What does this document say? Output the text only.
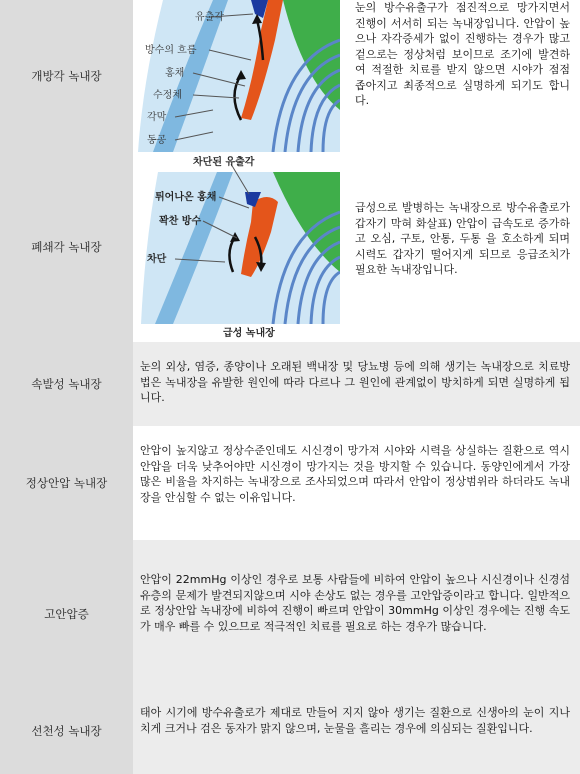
개방각 녹내장
유출각
방수의 흐름
홍채
수정체
각막
동공
눈의 방수유출구가 점진적으로 망가지면서 진행이 서서히 되는 녹내장입니다. 안압이 높으나 자각증세가 없이 진행하는 경우가 많고 겉으로는 정상처럼 보이므로 조기에 발견하여 적절한 치료를 받지 않으면 시야가 점점 좁아지고 최종적으로 실명하게 되기도 합니다.
폐쇄각 녹내장
차단된 유출각
튀어나온 홍채
꽉찬 방수
차단
급성 녹내장
급성으로 발병하는 녹내장으로 방수유출로가 갑자기 막혀 화살표) 안압이 급속도로 증가하고 오심, 구토, 안통, 두통 을 호소하게 되며 시력도 갑자기 떨어지게 되므로 응급조치가 필요한 녹내장입니다.
속발성 녹내장
눈의 외상, 염증, 종양이나 오래된 백내장 및 당뇨병 등에 의해 생기는 녹내장으로 치료방법은 녹내장을 유발한 원인에 따라 다르나 그 원인에 관계없이 방치하게 되면 실명하게 됩니다.
정상안압 녹내장
안압이 높지않고 정상수준인데도 시신경이 망가져 시야와 시력을 상실하는 질환으로 역시 안압을 더욱 낮추어야만 시신경이 망가지는 것을 방지할 수 있습니다. 동양인에게서 가장 많은 비율을 차지하는 녹내장으로 조사되었으며 따라서 안압이 정상범위라 하더라도 녹내장을 안심할 수 없는 이유입니다.
고안압증
안압이 22mmHg 이상인 경우로 보통 사람들에 비하여 안압이 높으나 시신경이나 신경섬유층의 문제가 발견되지않으며 시야 손상도 없는 경우를 고안압증이라고 합니다. 일반적으로 정상안압 녹내장에 비하여 진행이 빠르며 안압이 30mmHg 이상인 경우에는 진행 속도가 매우 빠를 수 있으므로 적극적인 치료를 필요로 하는 경우가 많습니다.
선천성 녹내장
태아 시기에 방수유출로가 제대로 만들어 지지 않아 생기는 질환으로 신생아의 눈이 지나치게 크거나 검은 동자가 맑지 않으며, 눈물을 흘리는 경우에 의심되는 질환입니다.
